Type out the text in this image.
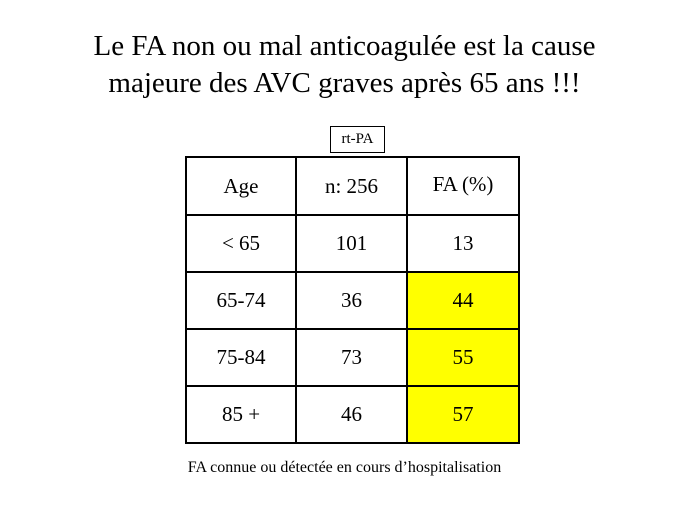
Le FA non ou mal anticoagulée est la cause
majeure des AVC graves après 65 ans !!!
rt-PA
Age	n: 256	FA (%)
< 65	101	13
65-74	36	44
75-84	73	55
85 +	46	57
FA connue ou détectée en cours d’hospitalisation
